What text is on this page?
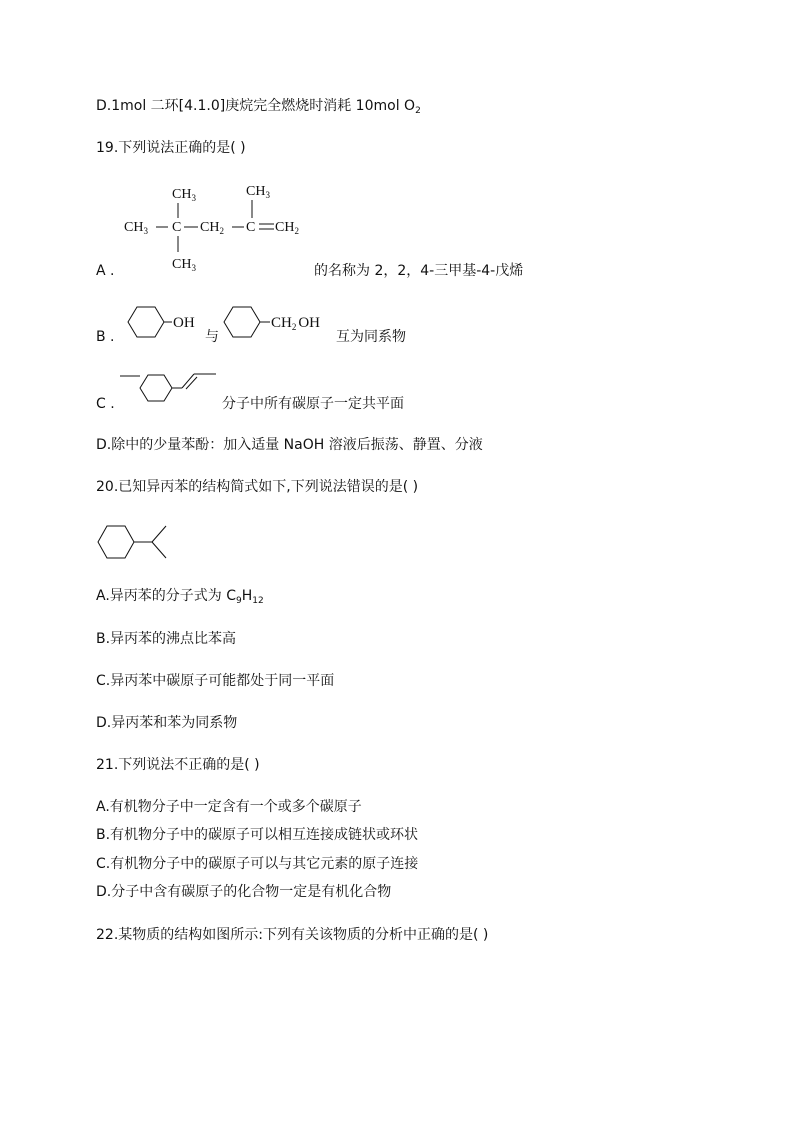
D.1mol 二环[4.1.0]庚烷完全燃烧时消耗 10mol $O_2$
19.下列说法正确的是( )
$CH_3$	$CH_3$
$CH_3$ C $CH_2$ C $CH_2$
$CH_3$
A .	的名称为 2，2，4-三甲基-4-戊烯
OH
B .	与
$CH_2$ OH
互为同系物
C .	分子中所有碳原子一定共平面
D.除中的少量苯酚：加入适量 NaOH 溶液后振荡、静置、分液
20.已知异丙苯的结构简式如下,下列说法错误的是( )
A.异丙苯的分子式为 $C_9H_{12}$
B.异丙苯的沸点比苯高
C.异丙苯中碳原子可能都处于同一平面
D.异丙苯和苯为同系物
21.下列说法不正确的是( )
A.有机物分子中一定含有一个或多个碳原子
B.有机物分子中的碳原子可以相互连接成链状或环状
C.有机物分子中的碳原子可以与其它元素的原子连接
D.分子中含有碳原子的化合物一定是有机化合物
22.某物质的结构如图所示:下列有关该物质的分析中正确的是( )
